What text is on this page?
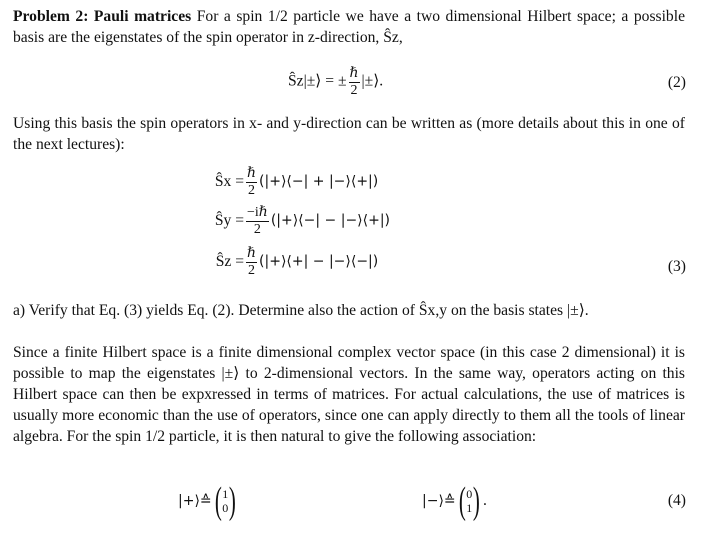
Problem 2: Pauli matrices For a spin 1/2 particle we have a two dimensional Hilbert space; a possible basis are the eigenstates of the spin operator in z-direction, Ŝz,

Ŝz|±⟩ = ± $\frac{\text{ℏ}}{2}$ |±⟩.	(2)

Using this basis the spin operators in x- and y-direction can be written as (more details about this in one of the next lectures):

Ŝx = $\frac{\text{ℏ}}{2}$ (|+⟩⟨−| + |−⟩⟨+|)
Ŝy = $\frac{\text{−iℏ}}{2}$ (|+⟩⟨−| − |−⟩⟨+|)
Ŝz = $\frac{\text{ℏ}}{2}$ (|+⟩⟨+| − |−⟩⟨−|)	(3)

a) Verify that Eq. (3) yields Eq. (2). Determine also the action of Ŝx,y on the basis states |±⟩.

Since a finite Hilbert space is a finite dimensional complex vector space (in this case 2 dimensional) it is possible to map the eigenstates |±⟩ to 2-dimensional vectors. In the same way, operators acting on this Hilbert space can then be expxressed in terms of matrices. For actual calculations, the use of matrices is usually more economic than the use of operators, since one can apply directly to them all the tools of linear algebra. For the spin 1/2 particle, it is then natural to give the following association:

|+⟩≙ ( 1
0 )	|−⟩≙ ( 0
1 ) .	(4)
